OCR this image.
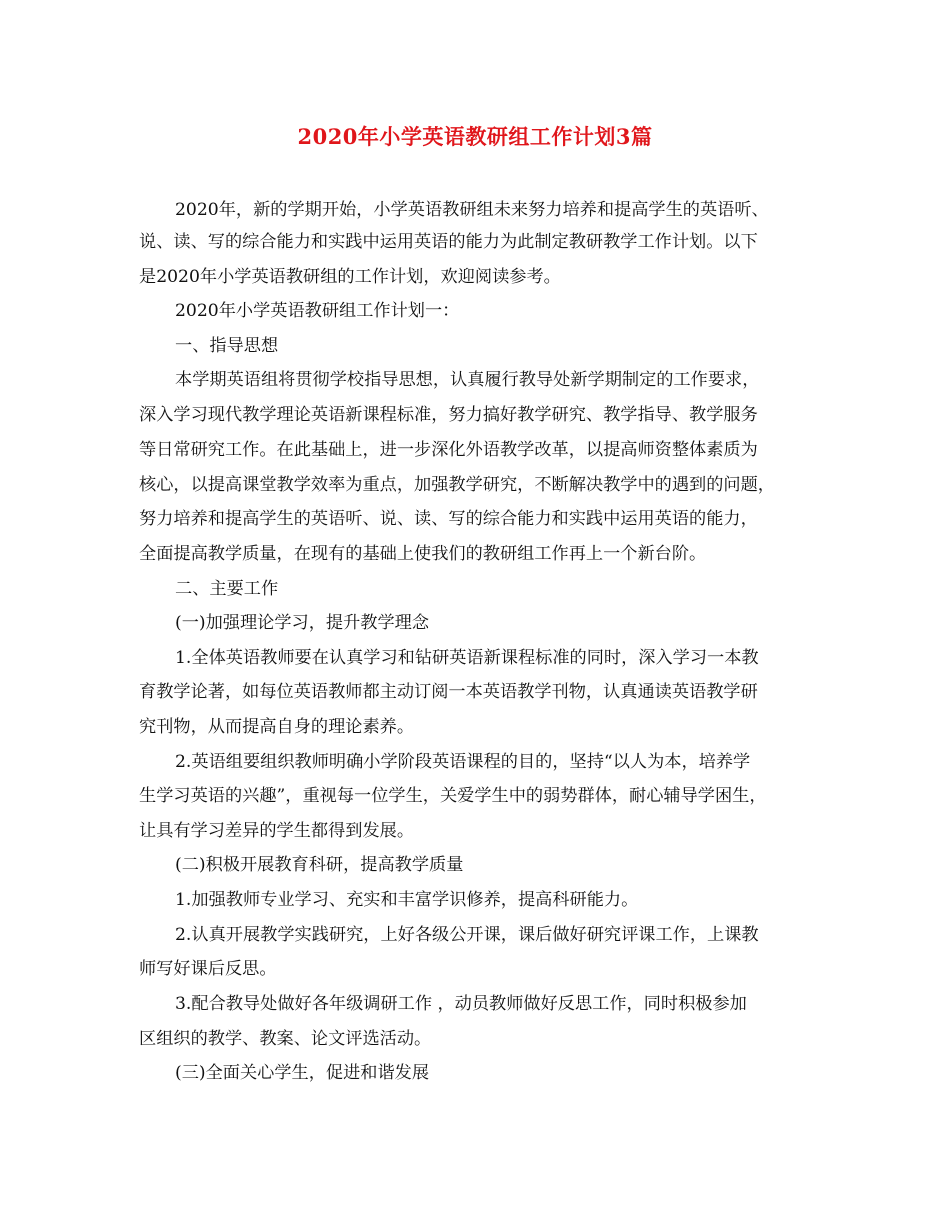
2020年小学英语教研组工作计划3篇
2020年，新的学期开始，小学英语教研组未来努力培养和提高学生的英语听、
说、读、写的综合能力和实践中运用英语的能力为此制定教研教学工作计划。以下
是2020年小学英语教研组的工作计划，欢迎阅读参考。
2020年小学英语教研组工作计划一：
一、指导思想
本学期英语组将贯彻学校指导思想，认真履行教导处新学期制定的工作要求，
深入学习现代教学理论英语新课程标准，努力搞好教学研究、教学指导、教学服务
等日常研究工作。在此基础上，进一步深化外语教学改革，以提高师资整体素质为
核心，以提高课堂教学效率为重点，加强教学研究，不断解决教学中的遇到的问题，
努力培养和提高学生的英语听、说、读、写的综合能力和实践中运用英语的能力，
全面提高教学质量，在现有的基础上使我们的教研组工作再上一个新台阶。
二、主要工作
(一)加强理论学习，提升教学理念
1.全体英语教师要在认真学习和钻研英语新课程标准的同时，深入学习一本教
育教学论著，如每位英语教师都主动订阅一本英语教学刊物，认真通读英语教学研
究刊物，从而提高自身的理论素养。
2.英语组要组织教师明确小学阶段英语课程的目的，坚持“以人为本，培养学
生学习英语的兴趣”，重视每一位学生，关爱学生中的弱势群体，耐心辅导学困生，
让具有学习差异的学生都得到发展。
(二)积极开展教育科研，提高教学质量
1.加强教师专业学习、充实和丰富学识修养，提高科研能力。
2.认真开展教学实践研究，上好各级公开课，课后做好研究评课工作，上课教
师写好课后反思。
3.配合教导处做好各年级调研工作 ，动员教师做好反思工作，同时积极参加
区组织的教学、教案、论文评选活动。
(三)全面关心学生，促进和谐发展
